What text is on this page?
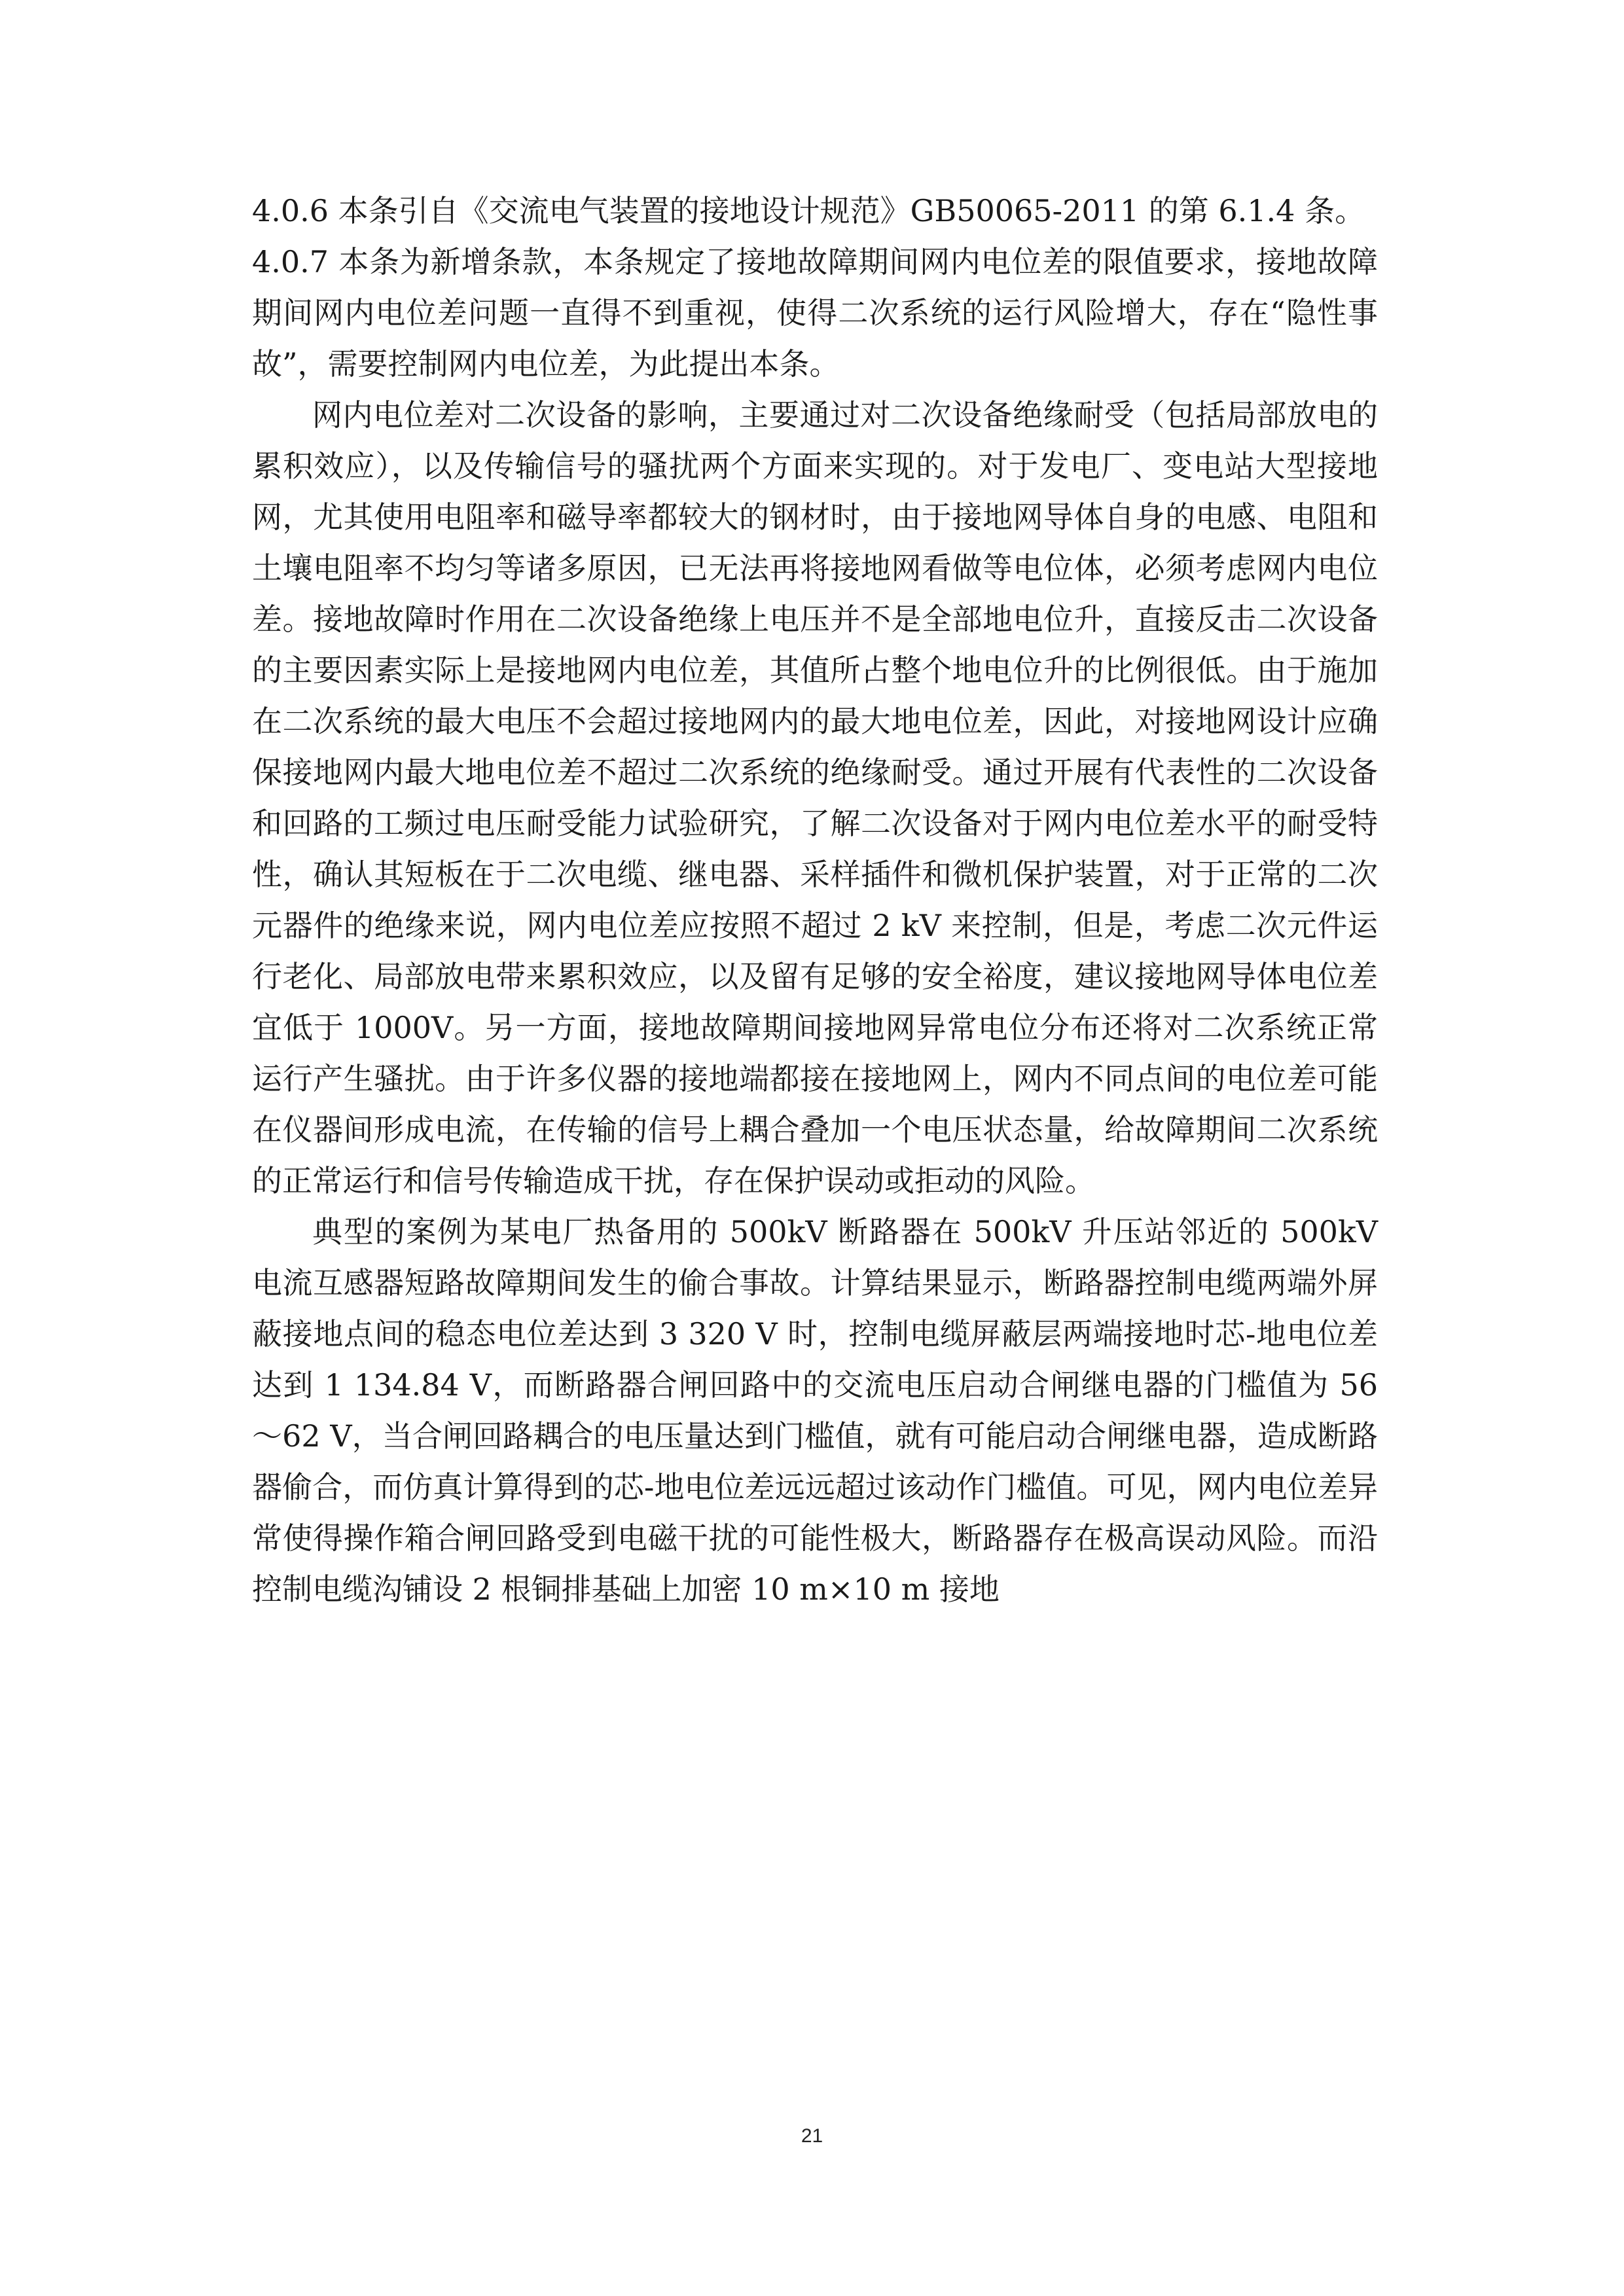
4.0.6 本条引自《交流电气装置的接地设计规范》GB50065-2011 的第 6.1.4 条。

4.0.7 本条为新增条款，本条规定了接地故障期间网内电位差的限值要求，接地故障期间网内电位差问题一直得不到重视，使得二次系统的运行风险增大，存在“隐性事故”，需要控制网内电位差，为此提出本条。

网内电位差对二次设备的影响，主要通过对二次设备绝缘耐受（包括局部放电的累积效应），以及传输信号的骚扰两个方面来实现的。对于发电厂、变电站大型接地网，尤其使用电阻率和磁导率都较大的钢材时，由于接地网导体自身的电感、电阻和土壤电阻率不均匀等诸多原因，已无法再将接地网看做等电位体，必须考虑网内电位差。接地故障时作用在二次设备绝缘上电压并不是全部地电位升，直接反击二次设备的主要因素实际上是接地网内电位差，其值所占整个地电位升的比例很低。由于施加在二次系统的最大电压不会超过接地网内的最大地电位差，因此，对接地网设计应确保接地网内最大地电位差不超过二次系统的绝缘耐受。通过开展有代表性的二次设备和回路的工频过电压耐受能力试验研究，了解二次设备对于网内电位差水平的耐受特性，确认其短板在于二次电缆、继电器、采样插件和微机保护装置，对于正常的二次元器件的绝缘来说，网内电位差应按照不超过 2 kV 来控制，但是，考虑二次元件运行老化、局部放电带来累积效应，以及留有足够的安全裕度，建议接地网导体电位差宜低于 1000V。另一方面，接地故障期间接地网异常电位分布还将对二次系统正常运行产生骚扰。由于许多仪器的接地端都接在接地网上，网内不同点间的电位差可能在仪器间形成电流，在传输的信号上耦合叠加一个电压状态量，给故障期间二次系统的正常运行和信号传输造成干扰，存在保护误动或拒动的风险。

典型的案例为某电厂热备用的 500kV 断路器在 500kV 升压站邻近的 500kV 电流互感器短路故障期间发生的偷合事故。计算结果显示，断路器控制电缆两端外屏蔽接地点间的稳态电位差达到 3 320 V 时，控制电缆屏蔽层两端接地时芯-地电位差达到 1 134.84 V，而断路器合闸回路中的交流电压启动合闸继电器的门槛值为 56～62 V，当合闸回路耦合的电压量达到门槛值，就有可能启动合闸继电器，造成断路器偷合，而仿真计算得到的芯-地电位差远远超过该动作门槛值。可见，网内电位差异常使得操作箱合闸回路受到电磁干扰的可能性极大，断路器存在极高误动风险。而沿控制电缆沟铺设 2 根铜排基础上加密 10 m×10 m 接地

21
